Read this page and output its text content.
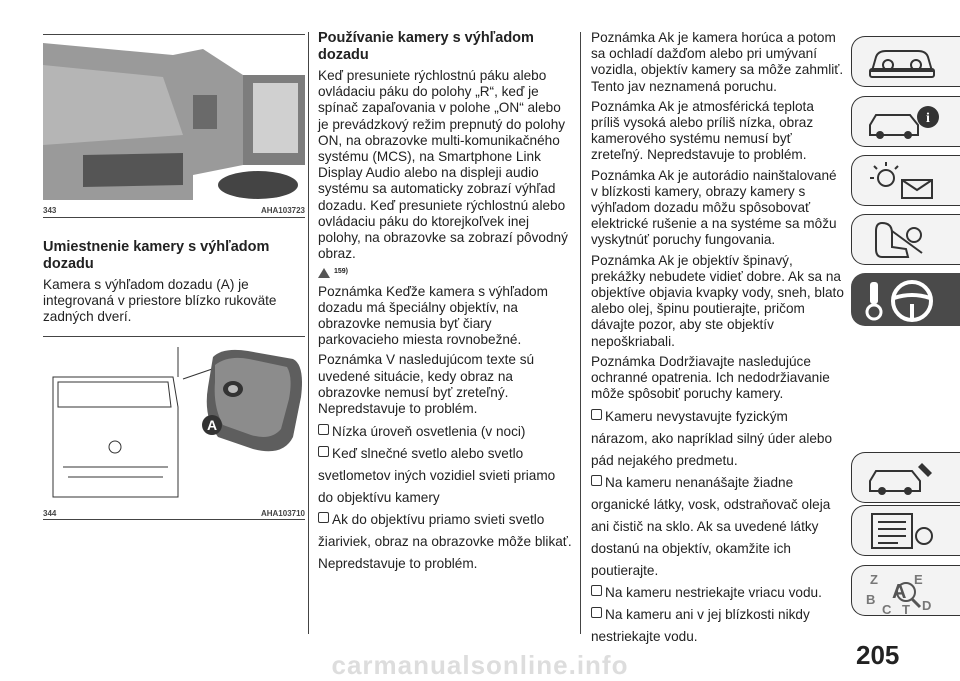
343	AHA103723
Umiestnenie kamery s výhľadom dozadu

Kamera s výhľadom dozadu (A) je integrovaná v priestore blízko rukoväte zadných dverí.

A
344	AHA103710
Používanie kamery s výhľadom dozadu

Keď presuniete rýchlostnú páku alebo ovládaciu páku do polohy „R“, keď je spínač zapaľovania v polohe „ON“ alebo je prevádzkový režim prepnutý do polohy ON, na obrazovke multi-komunikačného systému (MCS), na Smartphone Link Display Audio alebo na displeji audio systému sa automaticky zobrazí výhľad dozadu. Keď presuniete rýchlostnú alebo ovládaciu páku do ktorejkoľvek inej polohy, na obrazovke sa zobrazí pôvodný obraz.

159)

Poznámka Keďže kamera s výhľadom dozadu má špeciálny objektív, na obrazovke nemusia byť čiary parkovacieho miesta rovnobežné.

Poznámka V nasledujúcom texte sú uvedené situácie, kedy obraz na obrazovke nemusí byť zreteľný. Nepredstavuje to problém.

Nízka úroveň osvetlenia (v noci)
Keď slnečné svetlo alebo svetlo svetlometov iných vozidiel svieti priamo do objektívu kamery
Ak do objektívu priamo svieti svetlo žiariviek, obraz na obrazovke môže blikať. Nepredstavuje to problém.

Poznámka Ak je kamera horúca a potom sa ochladí dažďom alebo pri umývaní vozidla, objektív kamery sa môže zahmliť. Tento jav neznamená poruchu.

Poznámka Ak je atmosférická teplota príliš vysoká alebo príliš nízka, obraz kamerového systému nemusí byť zreteľný. Nepredstavuje to problém.

Poznámka Ak je autorádio nainštalované v blízkosti kamery, obrazy kamery s výhľadom dozadu môžu spôsobovať elektrické rušenie a na systéme sa môžu vyskytnúť poruchy fungovania.

Poznámka Ak je objektív špinavý, prekážky nebudete vidieť dobre. Ak sa na objektíve objavia kvapky vody, sneh, blato alebo olej, špinu poutierajte, pričom dávajte pozor, aby ste objektív nepoškriabali.

Poznámka Dodržiavajte nasledujúce ochranné opatrenia. Ich nedodržiavanie môže spôsobiť poruchy kamery.

Kameru nevystavujte fyzickým nárazom, ako napríklad silný úder alebo pád nejakého predmetu.
Na kameru nenanášajte žiadne organické látky, vosk, odstraňovač oleja ani čistič na sklo. Ak sa uvedené látky dostanú na objektív, okamžite ich poutierajte.
Na kameru nestriekajte vriacu vodu.
Na kameru ani v jej blízkosti nikdy nestriekajte vodu.
i
Z	E
B A
C T D
205
carmanualsonline.info
